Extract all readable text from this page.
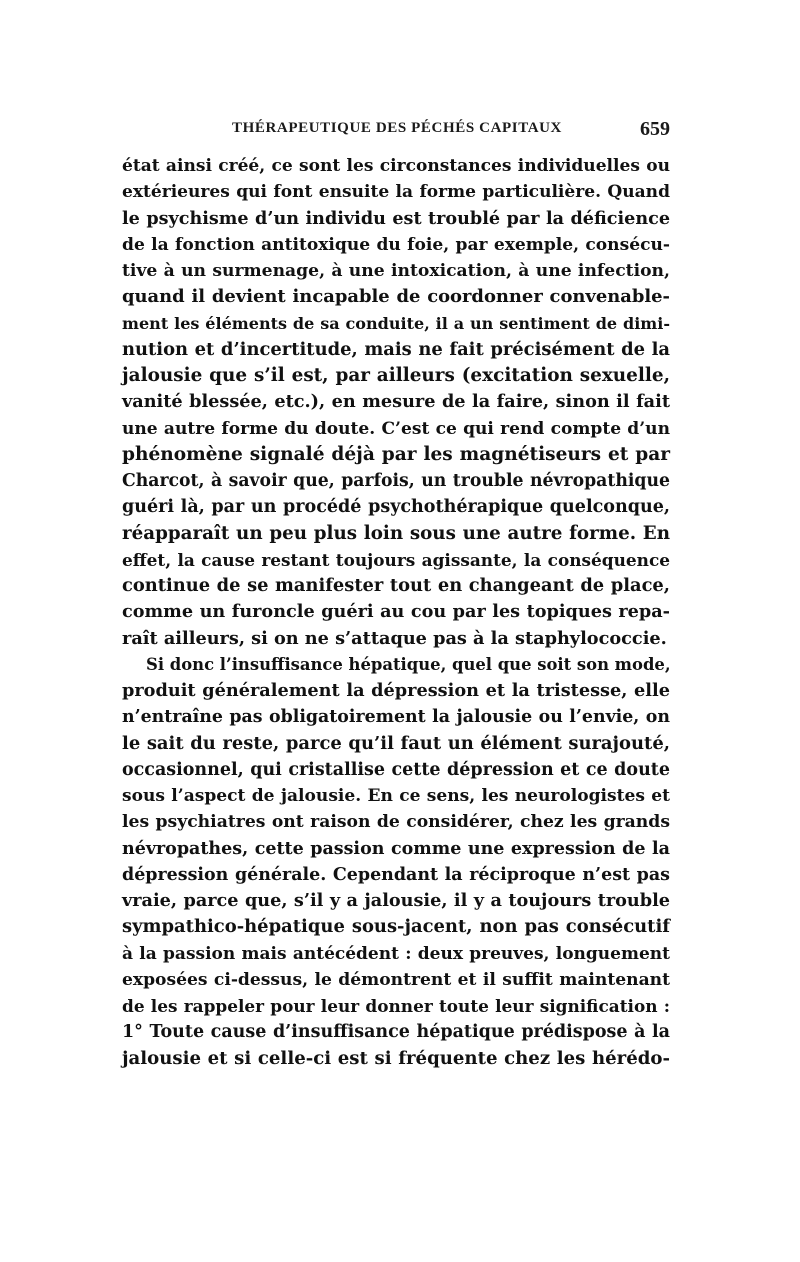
THÉRAPEUTIQUE DES PÉCHÉS CAPITAUX	659
état ainsi créé, ce sont les circonstances individuelles ou
extérieures qui font ensuite la forme particulière. Quand
le psychisme d’un individu est troublé par la déficience
de la fonction antitoxique du foie, par exemple, consécu-
tive à un surmenage, à une intoxication, à une infection,
quand il devient incapable de coordonner convenable-
ment les éléments de sa conduite, il a un sentiment de dimi-
nution et d’incertitude, mais ne fait précisément de la
jalousie que s’il est, par ailleurs (excitation sexuelle,
vanité blessée, etc.), en mesure de la faire, sinon il fait
une autre forme du doute. C’est ce qui rend compte d’un
phénomène signalé déjà par les magnétiseurs et par
Charcot, à savoir que, parfois, un trouble névropathique
guéri là, par un procédé psychothérapique quelconque,
réapparaît un peu plus loin sous une autre forme. En
effet, la cause restant toujours agissante, la conséquence
continue de se manifester tout en changeant de place,
comme un furoncle guéri au cou par les topiques repa-
raît ailleurs, si on ne s’attaque pas à la staphylococcie.
Si donc l’insuffisance hépatique, quel que soit son mode,
produit généralement la dépression et la tristesse, elle
n’entraîne pas obligatoirement la jalousie ou l’envie, on
le sait du reste, parce qu’il faut un élément surajouté,
occasionnel, qui cristallise cette dépression et ce doute
sous l’aspect de jalousie. En ce sens, les neurologistes et
les psychiatres ont raison de considérer, chez les grands
névropathes, cette passion comme une expression de la
dépression générale. Cependant la réciproque n’est pas
vraie, parce que, s’il y a jalousie, il y a toujours trouble
sympathico-hépatique sous-jacent, non pas consécutif
à la passion mais antécédent : deux preuves, longuement
exposées ci-dessus, le démontrent et il suffit maintenant
de les rappeler pour leur donner toute leur signification :
1° Toute cause d’insuffisance hépatique prédispose à la
jalousie et si celle-ci est si fréquente chez les hérédo-
